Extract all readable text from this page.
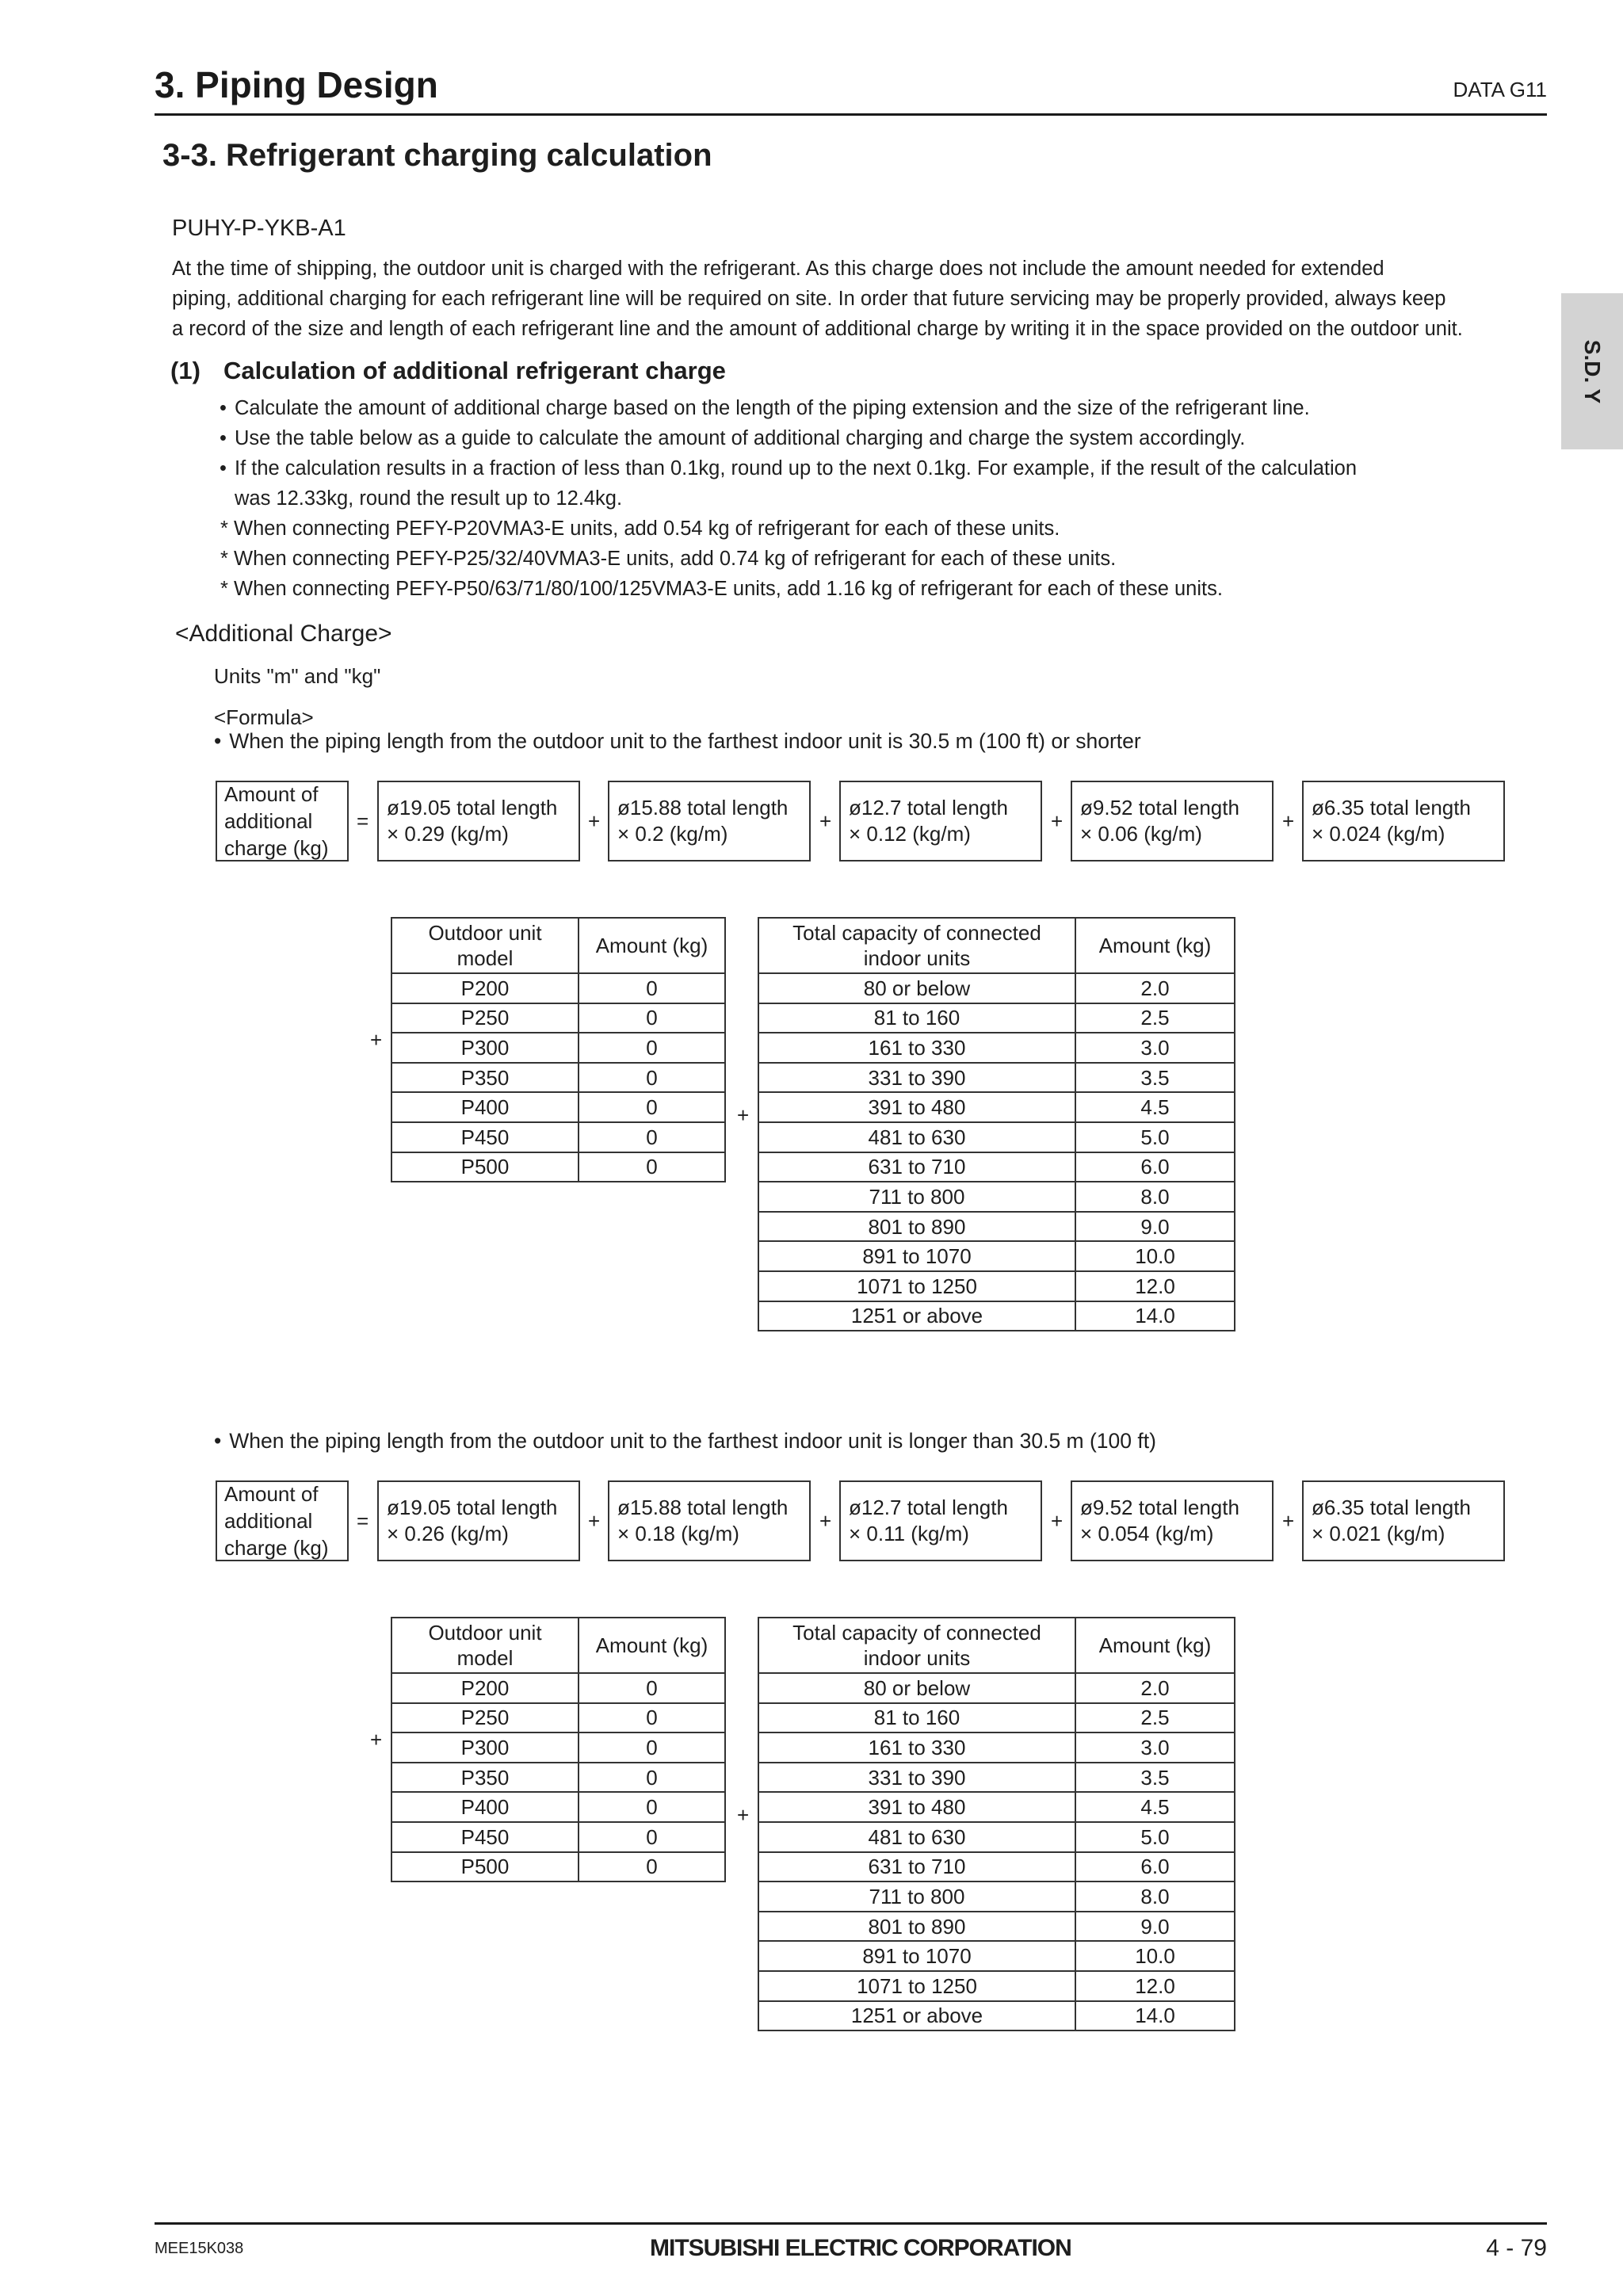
3. Piping Design	DATA G11
S.D. Y
3-3. Refrigerant charging calculation
PUHY-P-YKB-A1
At the time of shipping, the outdoor unit is charged with the refrigerant. As this charge does not include the amount needed for extended
piping, additional charging for each refrigerant line will be required on site. In order that future servicing may be properly provided, always keep
a record of the size and length of each refrigerant line and the amount of additional charge by writing it in the space provided on the outdoor unit.
(1) Calculation of additional refrigerant charge
• Calculate the amount of additional charge based on the length of the piping extension and the size of the refrigerant line.
• Use the table below as a guide to calculate the amount of additional charging and charge the system accordingly.
• If the calculation results in a fraction of less than 0.1kg, round up to the next 0.1kg. For example, if the result of the calculation
was 12.33kg, round the result up to 12.4kg.
* When connecting PEFY-P20VMA3-E units, add 0.54 kg of refrigerant for each of these units.
* When connecting PEFY-P25/32/40VMA3-E units, add 0.74 kg of refrigerant for each of these units.
* When connecting PEFY-P50/63/71/80/100/125VMA3-E units, add 1.16 kg of refrigerant for each of these units.
<Additional Charge>
Units "m" and "kg"
<Formula>
• When the piping length from the outdoor unit to the farthest indoor unit is 30.5 m (100 ft) or shorter
Amount of
additional
charge (kg)
=
ø19.05 total length
× 0.29 (kg/m)
ø15.88 total length
× 0.2 (kg/m)
+
ø12.7 total length
× 0.12 (kg/m)
+
ø9.52 total length
× 0.06 (kg/m)
+
ø6.35 total length
× 0.024 (kg/m)
+
Outdoor unit
model	Amount (kg)
P200	0
P250	0
P300	0
P350	0
P400	0
P450	0
P500	0
Total capacity of connected
indoor units	Amount (kg)
80 or below	2.0
81 to 160	2.5
161 to 330	3.0
331 to 390	3.5
391 to 480	4.5
481 to 630	5.0
631 to 710	6.0
711 to 800	8.0
801 to 890	9.0
891 to 1070	10.0
1071 to 1250	12.0
1251 or above	14.0
+
+
• When the piping length from the outdoor unit to the farthest indoor unit is longer than 30.5 m (100 ft)
Amount of
additional
charge (kg)
=
ø19.05 total length
× 0.26 (kg/m)
ø15.88 total length
× 0.18 (kg/m)
+
ø12.7 total length
× 0.11 (kg/m)
+
ø9.52 total length
× 0.054 (kg/m)
+
ø6.35 total length
× 0.021 (kg/m)
+
Outdoor unit
model	Amount (kg)
P200	0
P250	0
P300	0
P350	0
P400	0
P450	0
P500	0
Total capacity of connected
indoor units	Amount (kg)
80 or below	2.0
81 to 160	2.5
161 to 330	3.0
331 to 390	3.5
391 to 480	4.5
481 to 630	5.0
631 to 710	6.0
711 to 800	8.0
801 to 890	9.0
891 to 1070	10.0
1071 to 1250	12.0
1251 or above	14.0
+
+
MEE15K038	MITSUBISHI ELECTRIC CORPORATION	4 - 79
